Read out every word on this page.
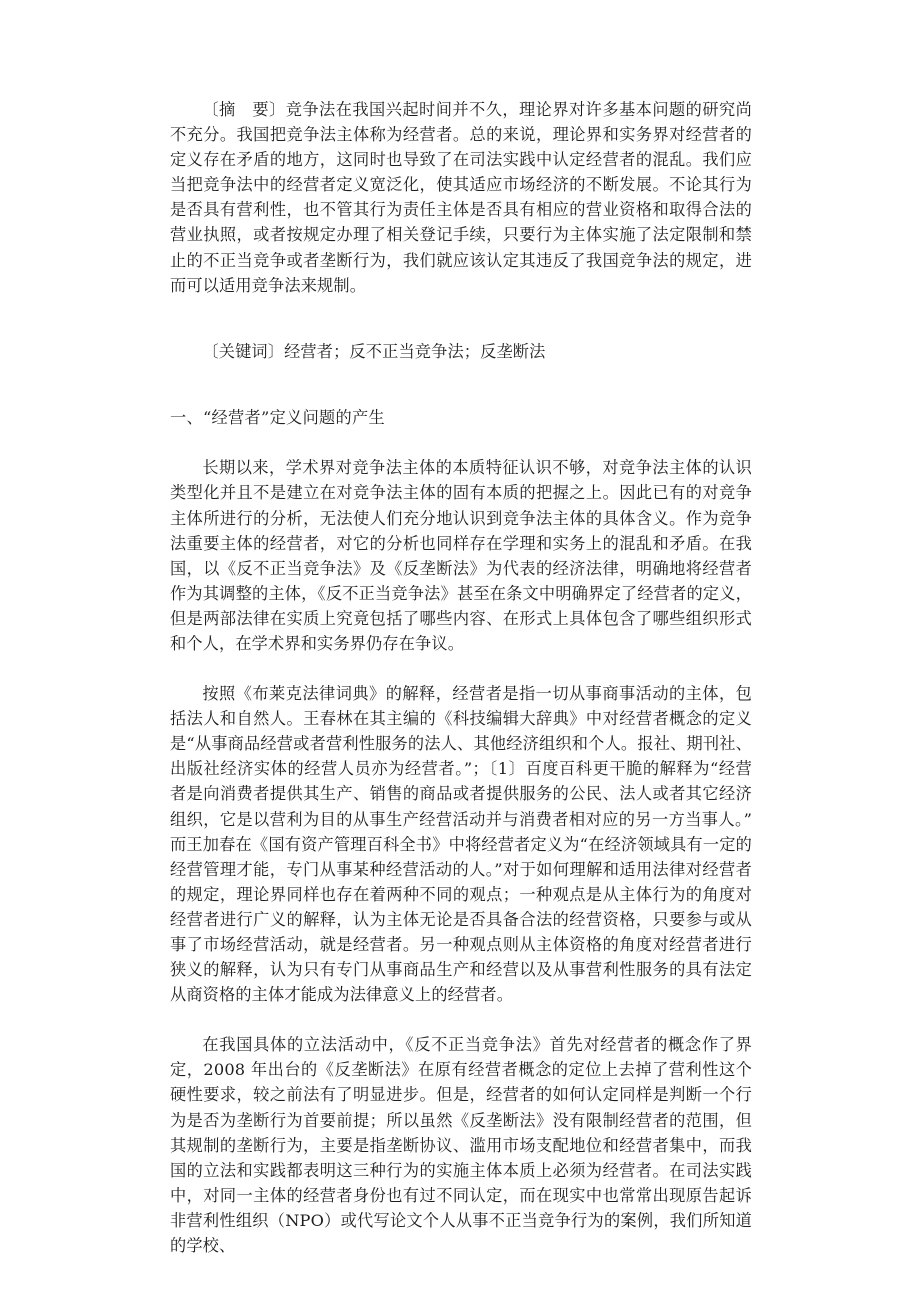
〔摘　要〕竞争法在我国兴起时间并不久，理论界对许多基本问题的研究尚不充分。我国把竞争法主体称为经营者。总的来说，理论界和实务界对经营者的定义存在矛盾的地方，这同时也导致了在司法实践中认定经营者的混乱。我们应当把竞争法中的经营者定义宽泛化，使其适应市场经济的不断发展。不论其行为是否具有营利性，也不管其行为责任主体是否具有相应的营业资格和取得合法的营业执照，或者按规定办理了相关登记手续，只要行为主体实施了法定限制和禁止的不正当竞争或者垄断行为，我们就应该认定其违反了我国竞争法的规定，进而可以适用竞争法来规制。

〔关键词〕经营者；反不正当竞争法；反垄断法

一、“经营者”定义问题的产生

长期以来，学术界对竞争法主体的本质特征认识不够，对竞争法主体的认识类型化并且不是建立在对竞争法主体的固有本质的把握之上。因此已有的对竞争主体所进行的分析，无法使人们充分地认识到竞争法主体的具体含义。作为竞争法重要主体的经营者，对它的分析也同样存在学理和实务上的混乱和矛盾。在我国，以《反不正当竞争法》及《反垄断法》为代表的经济法律，明确地将经营者作为其调整的主体，《反不正当竞争法》甚至在条文中明确界定了经营者的定义，但是两部法律在实质上究竟包括了哪些内容、在形式上具体包含了哪些组织形式和个人，在学术界和实务界仍存在争议。

按照《布莱克法律词典》的解释，经营者是指一切从事商事活动的主体，包括法人和自然人。王春林在其主编的《科技编辑大辞典》中对经营者概念的定义是“从事商品经营或者营利性服务的法人、其他经济组织和个人。报社、期刊社、出版社经济实体的经营人员亦为经营者。”；〔1〕百度百科更干脆的解释为“经营者是向消费者提供其生产、销售的商品或者提供服务的公民、法人或者其它经济组织，它是以营利为目的从事生产经营活动并与消费者相对应的另一方当事人。”而王加春在《国有资产管理百科全书》中将经营者定义为“在经济领域具有一定的经营管理才能，专门从事某种经营活动的人。”对于如何理解和适用法律对经营者的规定，理论界同样也存在着两种不同的观点；一种观点是从主体行为的角度对经营者进行广义的解释，认为主体无论是否具备合法的经营资格，只要参与或从事了市场经营活动，就是经营者。另一种观点则从主体资格的角度对经营者进行狭义的解释，认为只有专门从事商品生产和经营以及从事营利性服务的具有法定从商资格的主体才能成为法律意义上的经营者。

在我国具体的立法活动中，《反不正当竞争法》首先对经营者的概念作了界定，2008 年出台的《反垄断法》在原有经营者概念的定位上去掉了营利性这个硬性要求，较之前法有了明显进步。但是，经营者的如何认定同样是判断一个行为是否为垄断行为首要前提；所以虽然《反垄断法》没有限制经营者的范围，但其规制的垄断行为，主要是指垄断协议、滥用市场支配地位和经营者集中，而我国的立法和实践都表明这三种行为的实施主体本质上必须为经营者。在司法实践中，对同一主体的经营者身份也有过不同认定，而在现实中也常常出现原告起诉非营利性组织（NPO）或代写论文个人从事不正当竞争行为的案例，我们所知道的学校、
